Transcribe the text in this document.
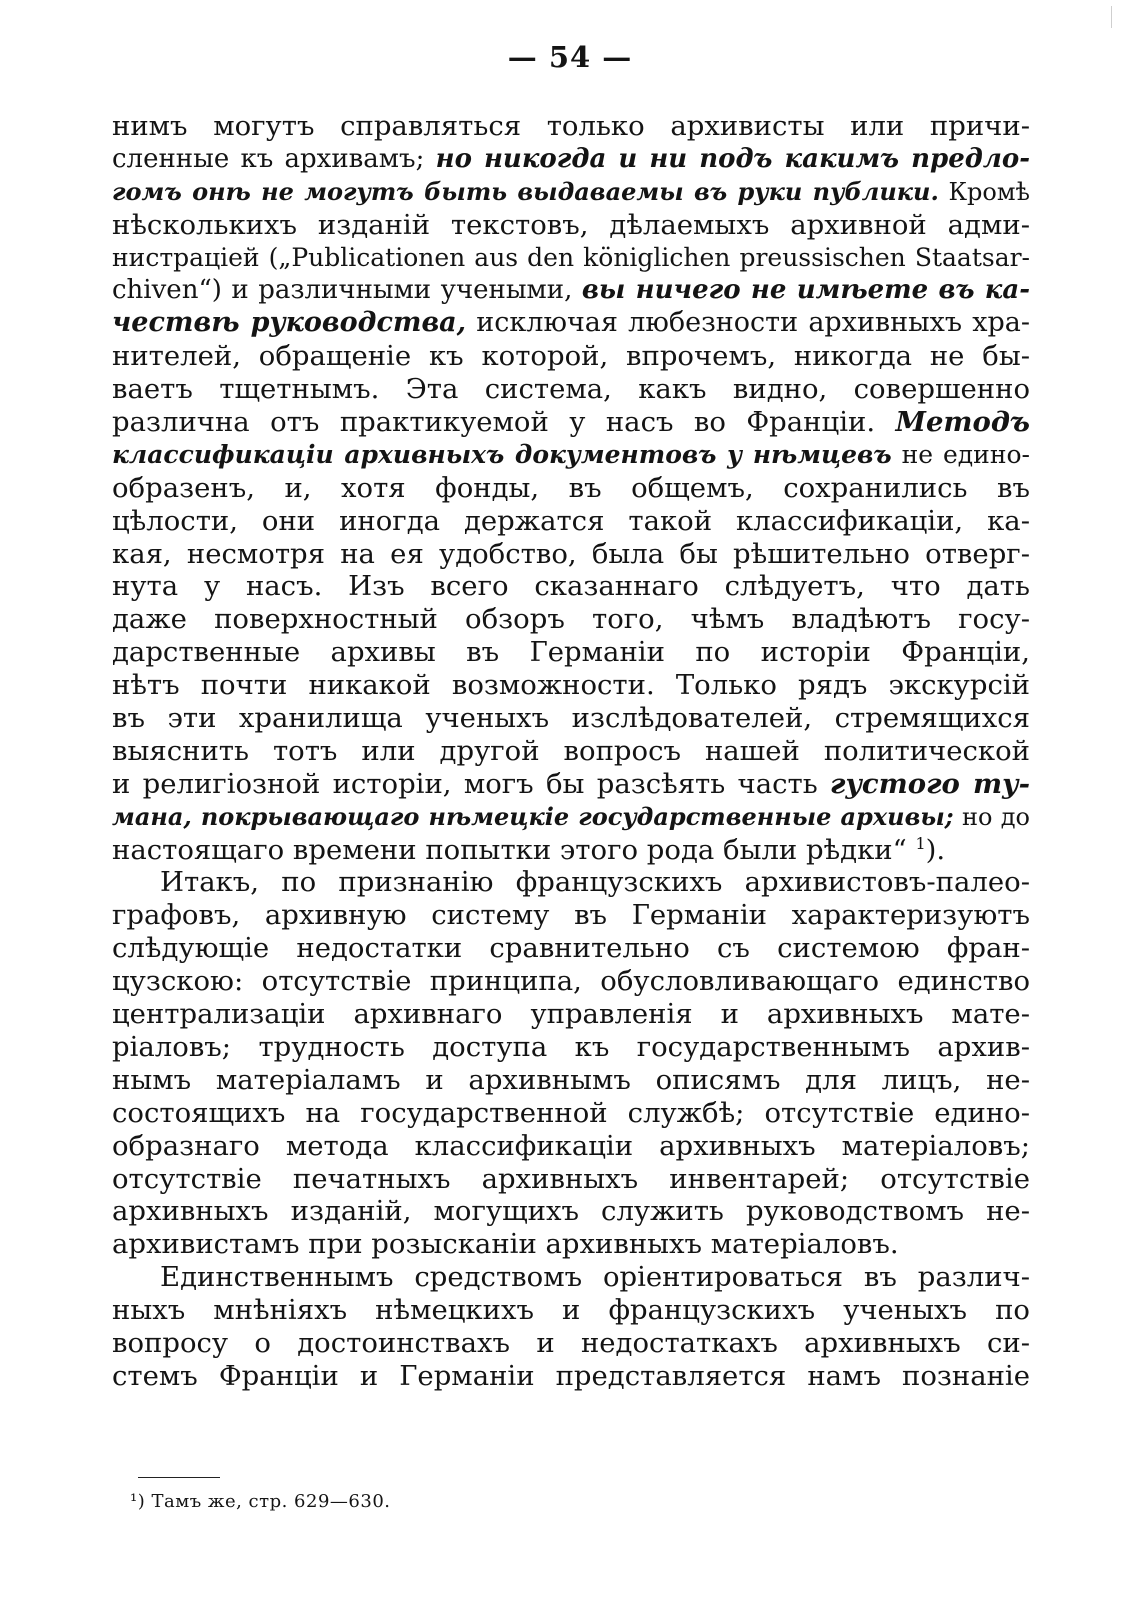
— 54 —
нимъ могутъ справляться только архивисты или причи-
сленные къ архивамъ; но никогда и ни подъ какимъ предло-
гомъ онѣ не могутъ быть выдаваемы въ руки публики. Кромѣ
нѣсколькихъ изданій текстовъ, дѣлаемыхъ архивной адми-
нистраціей („Publicationen aus den königlichen preussischen Staatsar-
chiven“) и различными учеными, вы ничего не имѣете въ ка-
чествѣ руководства, исключая любезности архивныхъ хра-
нителей, обращеніе къ которой, впрочемъ, никогда не бы-
ваетъ тщетнымъ. Эта система, какъ видно, совершенно
различна отъ практикуемой у насъ во Франціи. Методъ
классификаціи архивныхъ документовъ у нѣмцевъ не едино-
образенъ, и, хотя фонды, въ общемъ, сохранились въ
цѣлости, они иногда держатся такой классификаціи, ка-
кая, несмотря на ея удобство, была бы рѣшительно отверг-
нута у насъ. Изъ всего сказаннаго слѣдуетъ, что дать
даже поверхностный обзоръ того, чѣмъ владѣютъ госу-
дарственные архивы въ Германіи по исторіи Франціи,
нѣтъ почти никакой возможности. Только рядъ экскурсій
въ эти хранилища ученыхъ изслѣдователей, стремящихся
выяснить тотъ или другой вопросъ нашей политической
и религіозной исторіи, могъ бы разсѣять часть густого ту-
мана, покрывающаго нѣмецкіе государственные архивы; но до
настоящаго времени попытки этого рода были рѣдки“ $^1$).
Итакъ, по признанію французскихъ архивистовъ-палео-
графовъ, архивную систему въ Германіи характеризуютъ
слѣдующіе недостатки сравнительно съ системою фран-
цузскою: отсутствіе принципа, обусловливающаго единство
централизаціи архивнаго управленія и архивныхъ мате-
ріаловъ; трудность доступа къ государственнымъ архив-
нымъ матеріаламъ и архивнымъ описямъ для лицъ, не-
состоящихъ на государственной службѣ; отсутствіе едино-
образнаго метода классификаціи архивныхъ матеріаловъ;
отсутствіе печатныхъ архивныхъ инвентарей; отсутствіе
архивныхъ изданій, могущихъ служить руководствомъ не-
архивистамъ при розысканіи архивныхъ матеріаловъ.
Единственнымъ средствомъ оріентироваться въ различ-
ныхъ мнѣніяхъ нѣмецкихъ и французскихъ ученыхъ по
вопросу о достоинствахъ и недостаткахъ архивныхъ си-
стемъ Франціи и Германіи представляется намъ познаніе
¹) Тамъ же, стр. 629—630.
